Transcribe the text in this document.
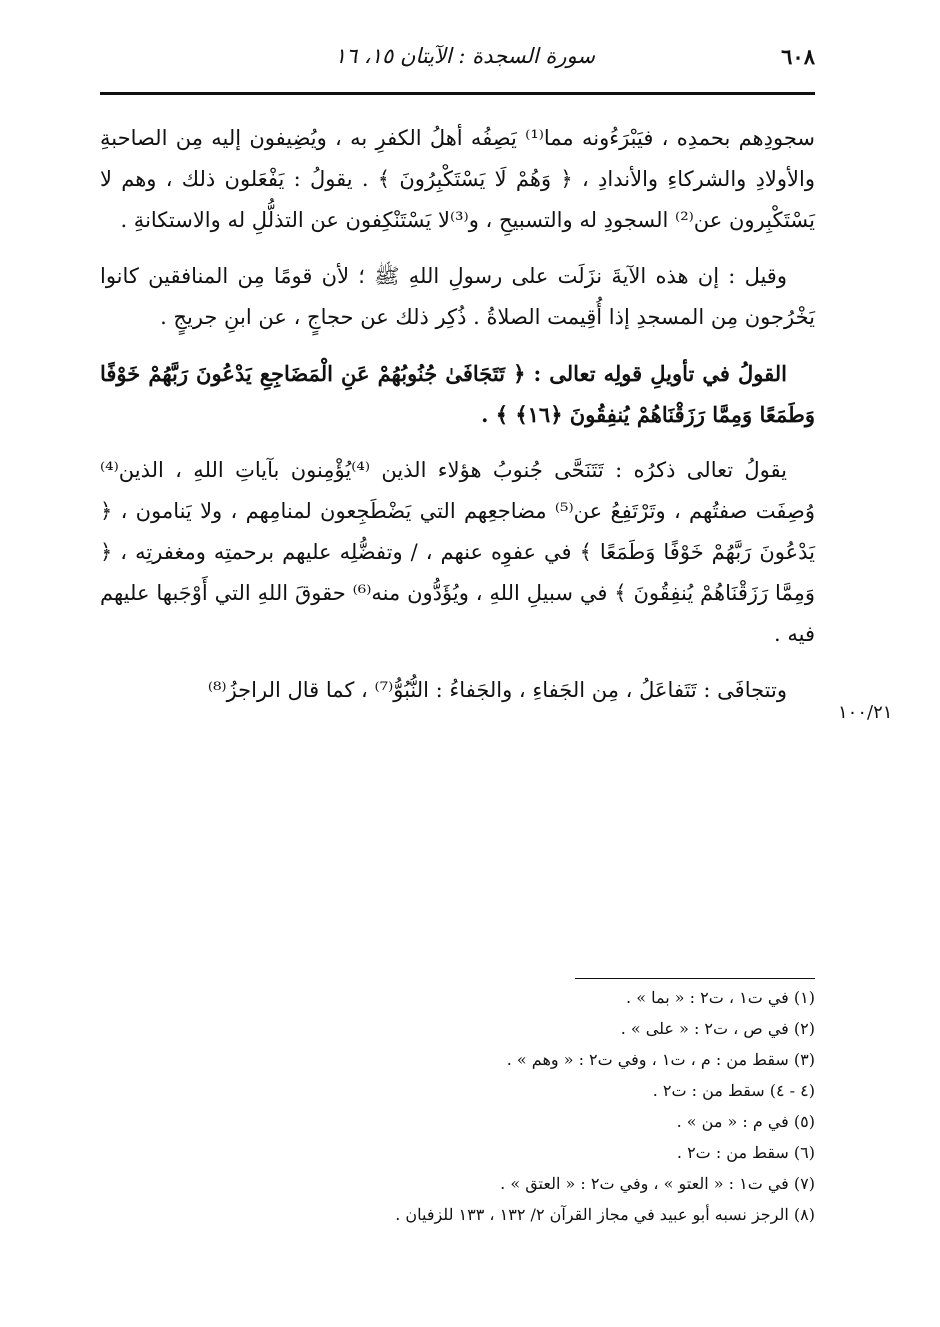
٦٠٨
سورة السجدة : الآيتان ١٥، ١٦

سجودِهم بحمدِه ، فيَبْرَءُونه مما⁽¹⁾ يَصِفُه أهلُ الكفرِ به ، ويُضِيفون إليه مِن الصاحبةِ والأولادِ والشركاءِ والأندادِ ، ﴿ وَهُمْ لَا يَسْتَكْبِرُونَ ﴾ . يقولُ : يَفْعَلون ذلك ، وهم لا يَسْتَكْبِرون عن⁽²⁾ السجودِ له والتسبيحِ ، و⁽³⁾لا يَسْتَنْكِفون عن التذلُّلِ له والاستكانةِ .

وقيل : إن هذه الآيةَ نزَلَت على رسولِ اللهِ ﷺ ؛ لأن قومًا مِن المنافقين كانوا يَخْرُجون مِن المسجدِ إذا أُقِيمت الصلاةُ . ذُكِر ذلك عن حجاجٍ ، عن ابنِ جريجٍ .

القولُ في تأويلِ قولِه تعالى : ﴿ تَتَجَافَىٰ جُنُوبُهُمْ عَنِ الْمَضَاجِعِ يَدْعُونَ رَبَّهُمْ خَوْفًا وَطَمَعًا وَمِمَّا رَزَقْنَاهُمْ يُنفِقُونَ ﴿١٦﴾ ﴾ .

يقولُ تعالى ذكرُه : تَتَنَحَّى جُنوبُ هؤلاء الذين ⁽⁴⁾يُؤْمِنون بآياتِ اللهِ ، الذين⁽⁴⁾ وُصِفَت صفتُهم ، وتَرْتَفِعُ عن⁽⁵⁾ مضاجعِهم التي يَضْطَجِعون لمنامِهم ، ولا يَنامون ، ﴿ يَدْعُونَ رَبَّهُمْ خَوْفًا وَطَمَعًا ﴾ في عفوِه عنهم ، / وتفضُّلِه عليهم برحمتِه ومغفرتِه ، ﴿ وَمِمَّا رَزَقْنَاهُمْ يُنفِقُونَ ﴾ في سبيلِ اللهِ ، ويُؤَدُّون منه⁽⁶⁾ حقوقَ اللهِ التي أَوْجَبها عليهم فيه .

وتتجافَى : تَتَفاعَلُ ، مِن الجَفاءِ ، والجَفاءُ : النُّبُوُّ⁽⁷⁾ ، كما قال الراجزُ⁽⁸⁾

١٠٠/٢١

(١) في ت١ ، ت٢ : « بما » .

(٢) في ص ، ت٢ : « على » .

(٣) سقط من : م ، ت١ ، وفي ت٢ : « وهم » .

(٤ - ٤) سقط من : ت٢ .

(٥) في م : « من » .

(٦) سقط من : ت٢ .

(٧) في ت١ : « العتو » ، وفي ت٢ : « العتق » .

(٨) الرجز نسبه أبو عبيد في مجاز القرآن ٢/ ١٣٢ ، ١٣٣ للزفيان .
